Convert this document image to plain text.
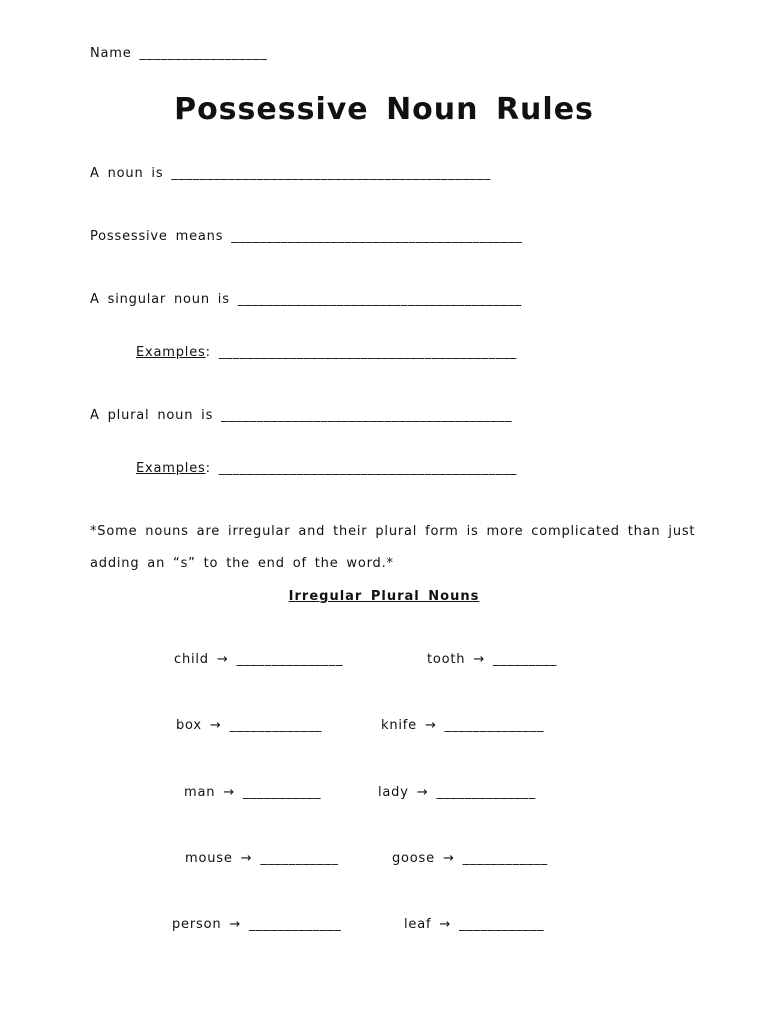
Name __________________
Possessive Noun Rules
A noun is _____________________________________________
Possessive means _________________________________________
A singular noun is ________________________________________
Examples: __________________________________________
A plural noun is _________________________________________
Examples: __________________________________________
*Some nouns are irregular and their plural form is more complicated than just
adding an “s” to the end of the word.*
Irregular Plural Nouns
child → _______________	tooth → _________
box → _____________	knife → ______________
man → ___________	lady → ______________
mouse → ___________	goose → ____________
person → _____________	leaf → ____________
